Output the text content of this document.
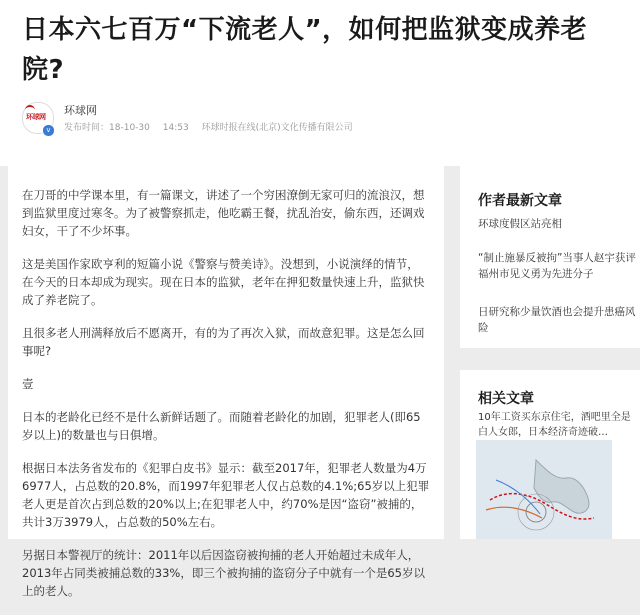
日本六七百万“下流老人”，如何把监狱变成养老院?
环球网
v
环球网
发布时间：18-10-30 14:53 环球时报在线(北京)文化传播有限公司

在刀哥的中学课本里，有一篇课文，讲述了一个穷困潦倒无家可归的流浪汉，想到监狱里度过寒冬。为了被警察抓走，他吃霸王餐，扰乱治安，偷东西，还调戏妇女，干了不少坏事。

这是美国作家欧亨利的短篇小说《警察与赞美诗》。没想到，小说演绎的情节，在今天的日本却成为现实。现在日本的监狱，老年在押犯数量快速上升，监狱快成了养老院了。

且很多老人刑满释放后不愿离开，有的为了再次入狱，而故意犯罪。这是怎么回事呢?

壹

日本的老龄化已经不是什么新鲜话题了。而随着老龄化的加剧，犯罪老人(即65岁以上)的数量也与日俱增。

根据日本法务省发布的《犯罪白皮书》显示：截至2017年，犯罪老人数量为4万6977人，占总数的20.8%，而1997年犯罪老人仅占总数的4.1%;65岁以上犯罪老人更是首次占到总数的20%以上;在犯罪老人中，约70%是因“盗窃”被捕的，共计3万3979人，占总数的50%左右。

另据日本警视厅的统计：2011年以后因盗窃被拘捕的老人开始超过未成年人，2013年占同类被捕总数的33%，即三个被拘捕的盗窃分子中就有一个是65岁以上的老人。

作者最新文章
环球度假区站亮相
“制止施暴反被拘”当事人赵宇获评福州市见义勇为先进分子
日研究称少量饮酒也会提升患癌风险
相关文章
10年工资买东京住宅，酒吧里全是白人女郎，日本经济奇迹破…
